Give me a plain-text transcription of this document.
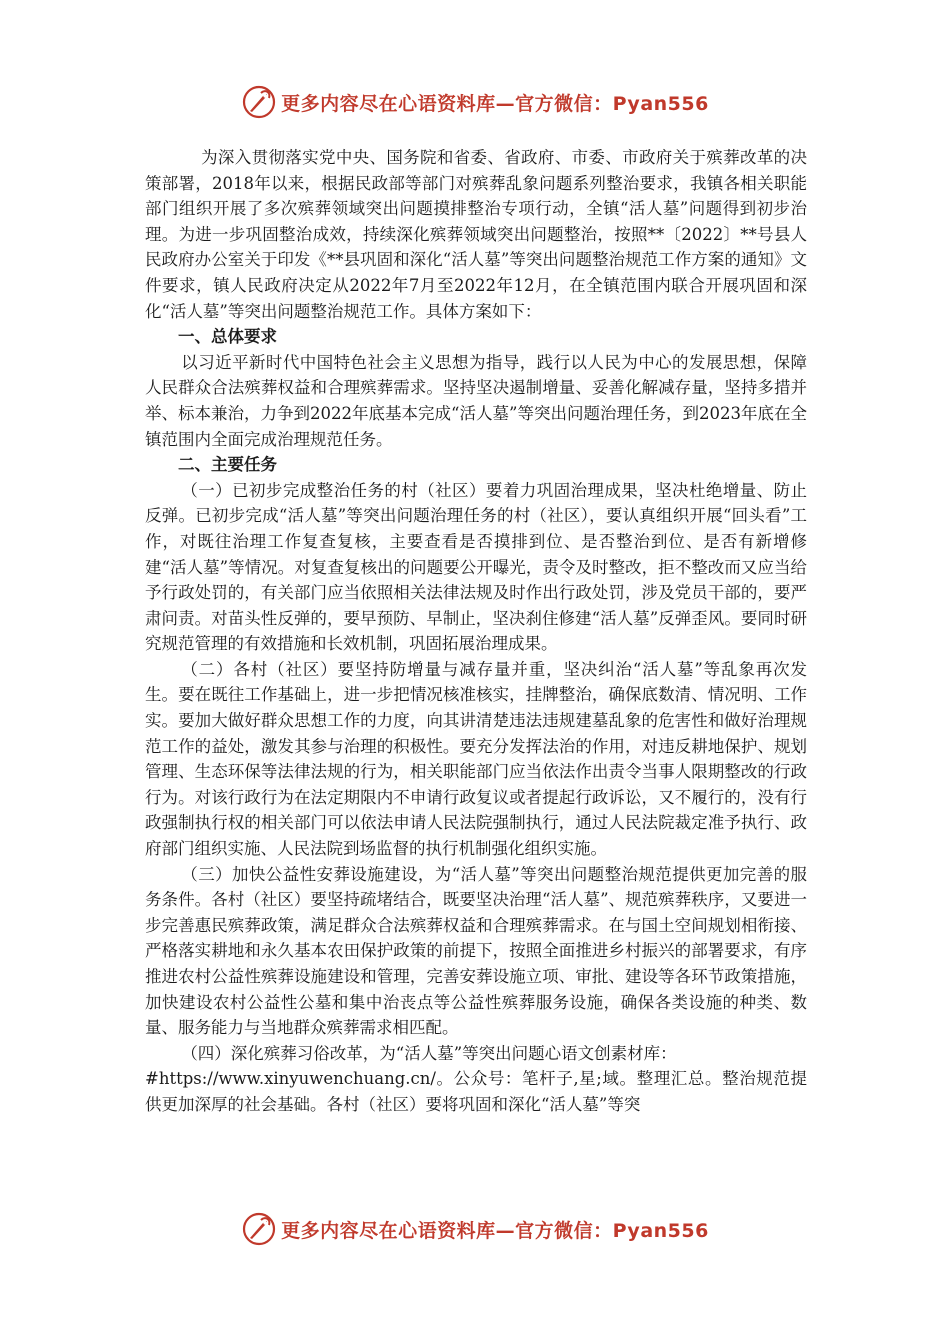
更多内容尽在心语资料库—官方微信：Pyan556

为深入贯彻落实党中央、国务院和省委、省政府、市委、市政府关于殡葬改革的决策部署，2018年以来，根据民政部等部门对殡葬乱象问题系列整治要求，我镇各相关职能部门组织开展了多次殡葬领域突出问题摸排整治专项行动，全镇“活人墓”问题得到初步治理。为进一步巩固整治成效，持续深化殡葬领域突出问题整治，按照**〔2022〕**号县人民政府办公室关于印发《**县巩固和深化“活人墓”等突出问题整治规范工作方案的通知》文件要求，镇人民政府决定从2022年7月至2022年12月，在全镇范围内联合开展巩固和深化“活人墓”等突出问题整治规范工作。具体方案如下：

一、总体要求

以习近平新时代中国特色社会主义思想为指导，践行以人民为中心的发展思想，保障人民群众合法殡葬权益和合理殡葬需求。坚持坚决遏制增量、妥善化解减存量，坚持多措并举、标本兼治，力争到2022年底基本完成“活人墓”等突出问题治理任务，到2023年底在全镇范围内全面完成治理规范任务。

二、主要任务

（一）已初步完成整治任务的村（社区）要着力巩固治理成果，坚决杜绝增量、防止反弹。已初步完成“活人墓”等突出问题治理任务的村（社区），要认真组织开展“回头看”工作，对既往治理工作复查复核，主要查看是否摸排到位、是否整治到位、是否有新增修建“活人墓”等情况。对复查复核出的问题要公开曝光，责令及时整改，拒不整改而又应当给予行政处罚的，有关部门应当依照相关法律法规及时作出行政处罚，涉及党员干部的，要严肃问责。对苗头性反弹的，要早预防、早制止，坚决刹住修建“活人墓”反弹歪风。要同时研究规范管理的有效措施和长效机制，巩固拓展治理成果。

（二）各村（社区）要坚持防增量与减存量并重，坚决纠治“活人墓”等乱象再次发生。要在既往工作基础上，进一步把情况核准核实，挂牌整治，确保底数清、情况明、工作实。要加大做好群众思想工作的力度，向其讲清楚违法违规建墓乱象的危害性和做好治理规范工作的益处，激发其参与治理的积极性。要充分发挥法治的作用，对违反耕地保护、规划管理、生态环保等法律法规的行为，相关职能部门应当依法作出责令当事人限期整改的行政行为。对该行政行为在法定期限内不申请行政复议或者提起行政诉讼，又不履行的，没有行政强制执行权的相关部门可以依法申请人民法院强制执行，通过人民法院裁定准予执行、政府部门组织实施、人民法院到场监督的执行机制强化组织实施。

（三）加快公益性安葬设施建设，为“活人墓”等突出问题整治规范提供更加完善的服务条件。各村（社区）要坚持疏堵结合，既要坚决治理“活人墓”、规范殡葬秩序，又要进一步完善惠民殡葬政策，满足群众合法殡葬权益和合理殡葬需求。在与国土空间规划相衔接、严格落实耕地和永久基本农田保护政策的前提下，按照全面推进乡村振兴的部署要求，有序推进农村公益性殡葬设施建设和管理，完善安葬设施立项、审批、建设等各环节政策措施，加快建设农村公益性公墓和集中治丧点等公益性殡葬服务设施，确保各类设施的种类、数量、服务能力与当地群众殡葬需求相匹配。

（四）深化殡葬习俗改革，为“活人墓”等突出问题心语文创素材库：

#https://www.xinyuwenchuang.cn/。公众号：笔杆子,星;域。整理汇总。整治规范提供更加深厚的社会基础。各村（社区）要将巩固和深化“活人墓”等突

更多内容尽在心语资料库—官方微信：Pyan556
